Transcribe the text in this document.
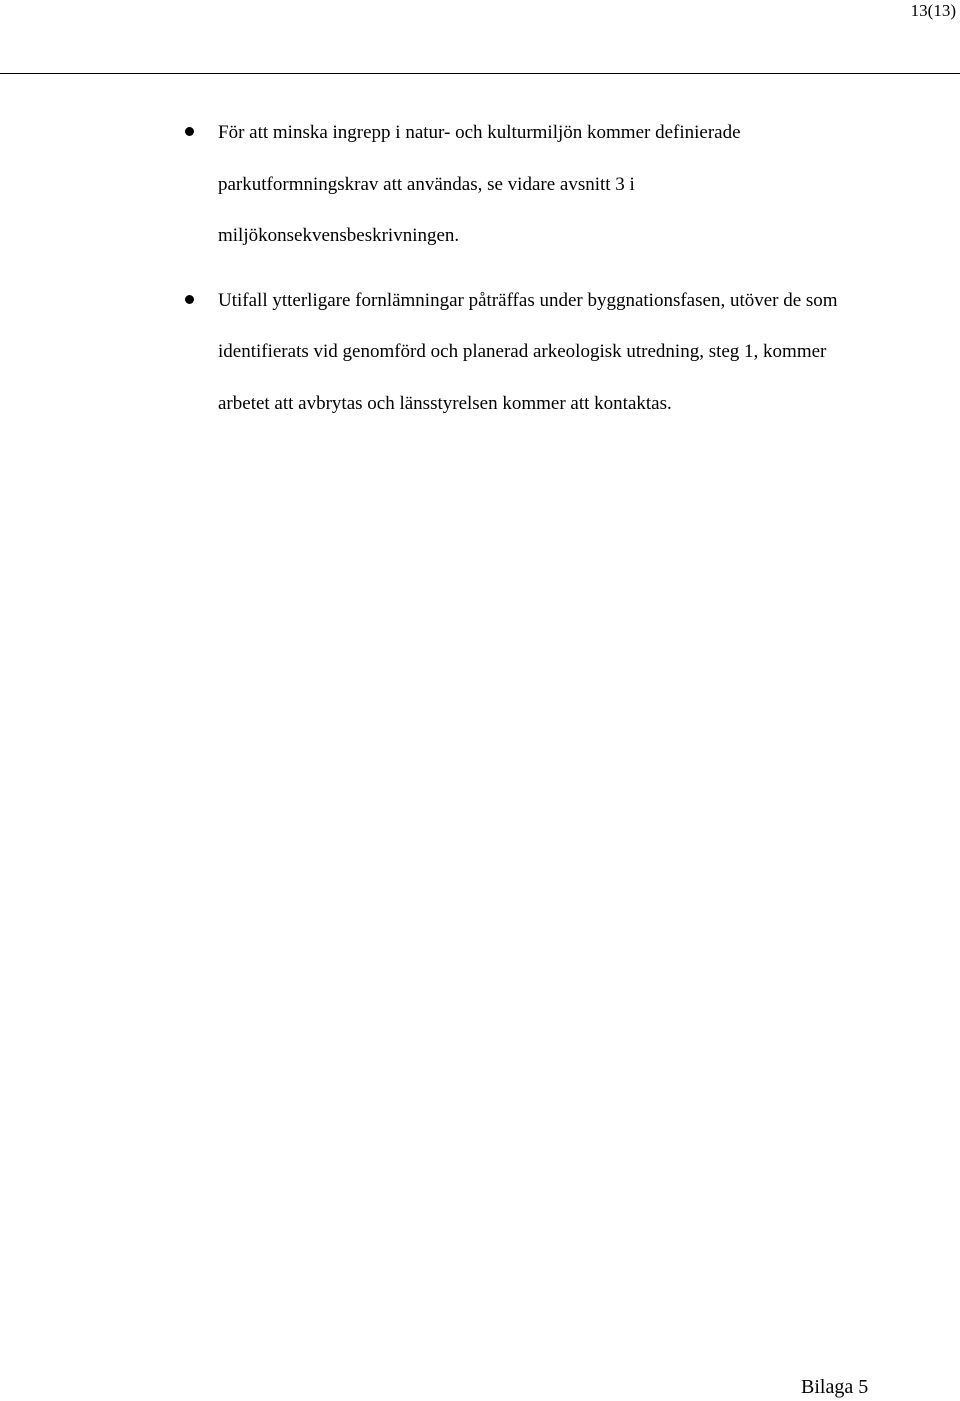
13(13)
För att minska ingrepp i natur- och kulturmiljön kommer definierade parkutformningskrav att användas, se vidare avsnitt 3 i miljökonsekvensbeskrivningen.
Utifall ytterligare fornlämningar påträffas under byggnationsfasen, utöver de som identifierats vid genomförd och planerad arkeologisk utredning, steg 1, kommer arbetet att avbrytas och länsstyrelsen kommer att kontaktas.
Bilaga 5
